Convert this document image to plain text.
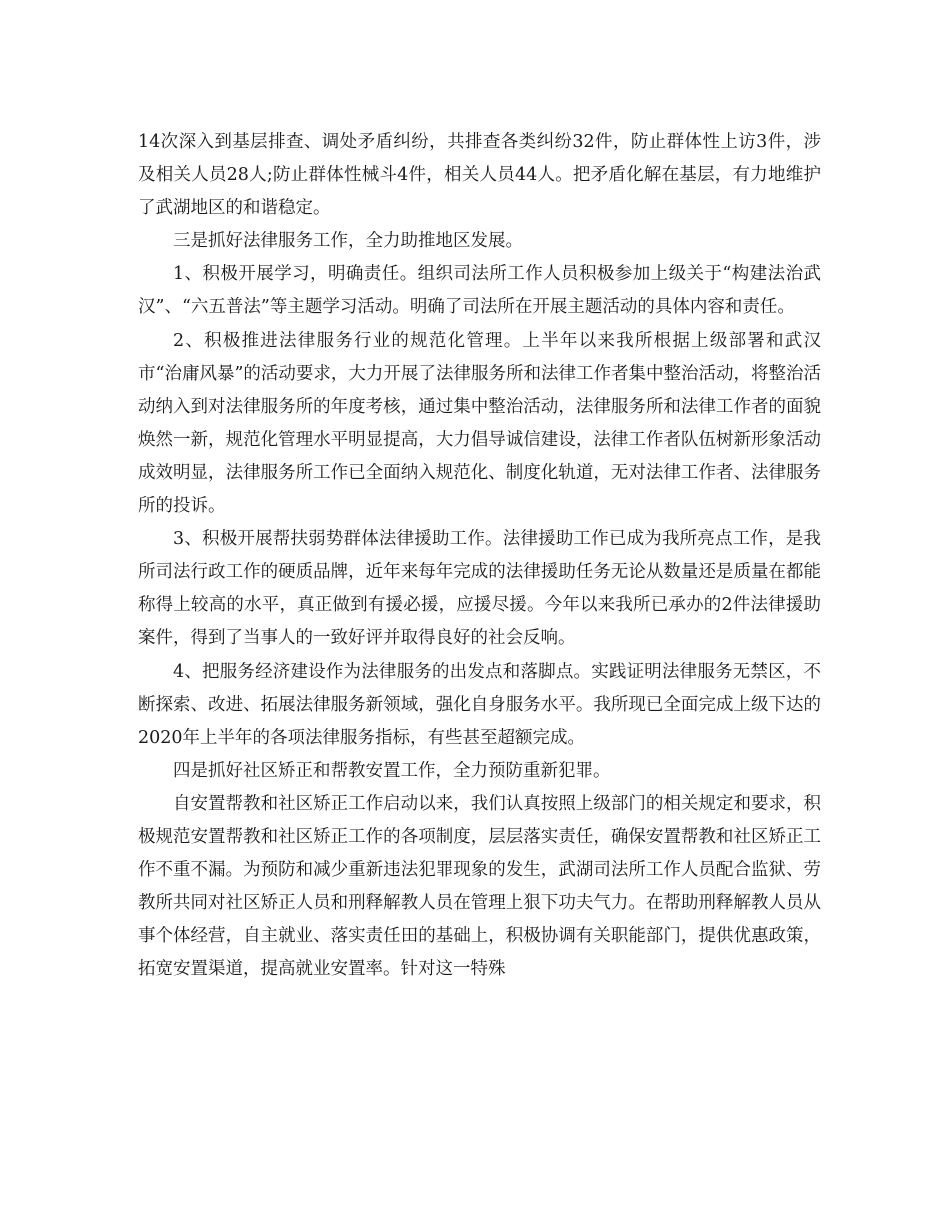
14次深入到基层排查、调处矛盾纠纷，共排查各类纠纷32件，防止群体性上访3件，涉及相关人员28人;防止群体性械斗4件，相关人员44人。把矛盾化解在基层，有力地维护了武湖地区的和谐稳定。

三是抓好法律服务工作，全力助推地区发展。

1、积极开展学习，明确责任。组织司法所工作人员积极参加上级关于“构建法治武汉”、“六五普法”等主题学习活动。明确了司法所在开展主题活动的具体内容和责任。

2、积极推进法律服务行业的规范化管理。上半年以来我所根据上级部署和武汉市“治庸风暴”的活动要求，大力开展了法律服务所和法律工作者集中整治活动，将整治活动纳入到对法律服务所的年度考核，通过集中整治活动，法律服务所和法律工作者的面貌焕然一新，规范化管理水平明显提高，大力倡导诚信建设，法律工作者队伍树新形象活动成效明显，法律服务所工作已全面纳入规范化、制度化轨道，无对法律工作者、法律服务所的投诉。

3、积极开展帮扶弱势群体法律援助工作。法律援助工作已成为我所亮点工作，是我所司法行政工作的硬质品牌，近年来每年完成的法律援助任务无论从数量还是质量在都能称得上较高的水平，真正做到有援必援，应援尽援。今年以来我所已承办的2件法律援助案件，得到了当事人的一致好评并取得良好的社会反响。

4、把服务经济建设作为法律服务的出发点和落脚点。实践证明法律服务无禁区，不断探索、改进、拓展法律服务新领域，强化自身服务水平。我所现已全面完成上级下达的2020年上半年的各项法律服务指标，有些甚至超额完成。

四是抓好社区矫正和帮教安置工作，全力预防重新犯罪。

自安置帮教和社区矫正工作启动以来，我们认真按照上级部门的相关规定和要求，积极规范安置帮教和社区矫正工作的各项制度，层层落实责任，确保安置帮教和社区矫正工作不重不漏。为预防和减少重新违法犯罪现象的发生，武湖司法所工作人员配合监狱、劳教所共同对社区矫正人员和刑释解教人员在管理上狠下功夫气力。在帮助刑释解教人员从事个体经营，自主就业、落实责任田的基础上，积极协调有关职能部门，提供优惠政策，拓宽安置渠道，提高就业安置率。针对这一特殊
